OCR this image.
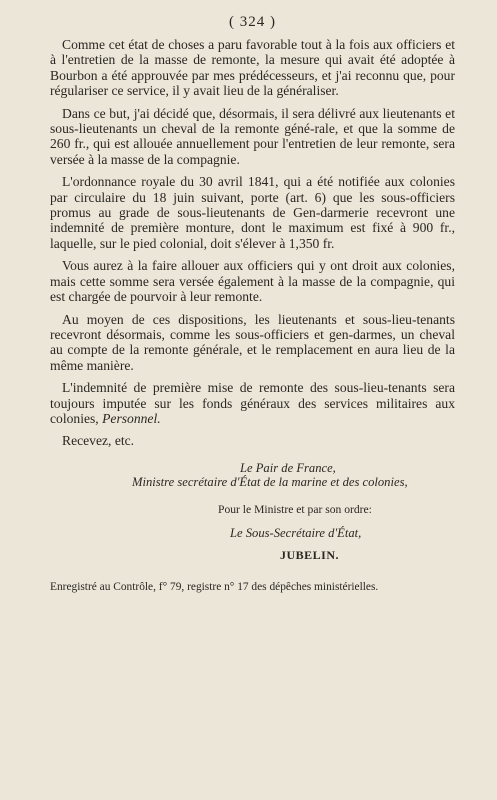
( 324 )

Comme cet état de choses a paru favorable tout à la fois aux officiers et à l'entretien de la masse de remonte, la mesure qui avait été adoptée à Bourbon a été approuvée par mes prédécesseurs, et j'ai reconnu que, pour régulariser ce service, il y avait lieu de la généraliser.

Dans ce but, j'ai décidé que, désormais, il sera délivré aux lieutenants et sous-lieutenants un cheval de la remonte géné-rale, et que la somme de 260 fr., qui est allouée annuellement pour l'entretien de leur remonte, sera versée à la masse de la compagnie.

L'ordonnance royale du 30 avril 1841, qui a été notifiée aux colonies par circulaire du 18 juin suivant, porte (art. 6) que les sous-officiers promus au grade de sous-lieutenants de Gen-darmerie recevront une indemnité de première monture, dont le maximum est fixé à 900 fr., laquelle, sur le pied colonial, doit s'élever à 1,350 fr.

Vous aurez à la faire allouer aux officiers qui y ont droit aux colonies, mais cette somme sera versée également à la masse de la compagnie, qui est chargée de pourvoir à leur remonte.

Au moyen de ces dispositions, les lieutenants et sous-lieu-tenants recevront désormais, comme les sous-officiers et gen-darmes, un cheval au compte de la remonte générale, et le remplacement en aura lieu de la même manière.

L'indemnité de première mise de remonte des sous-lieu-tenants sera toujours imputée sur les fonds généraux des services militaires aux colonies, Personnel.

Recevez, etc.

Le Pair de France,

Ministre secrétaire d'État de la marine et des colonies,

Pour le Ministre et par son ordre:

Le Sous-Secrétaire d'État,

JUBELIN.

Enregistré au Contrôle, f° 79, registre n° 17 des dépêches ministérielles.
